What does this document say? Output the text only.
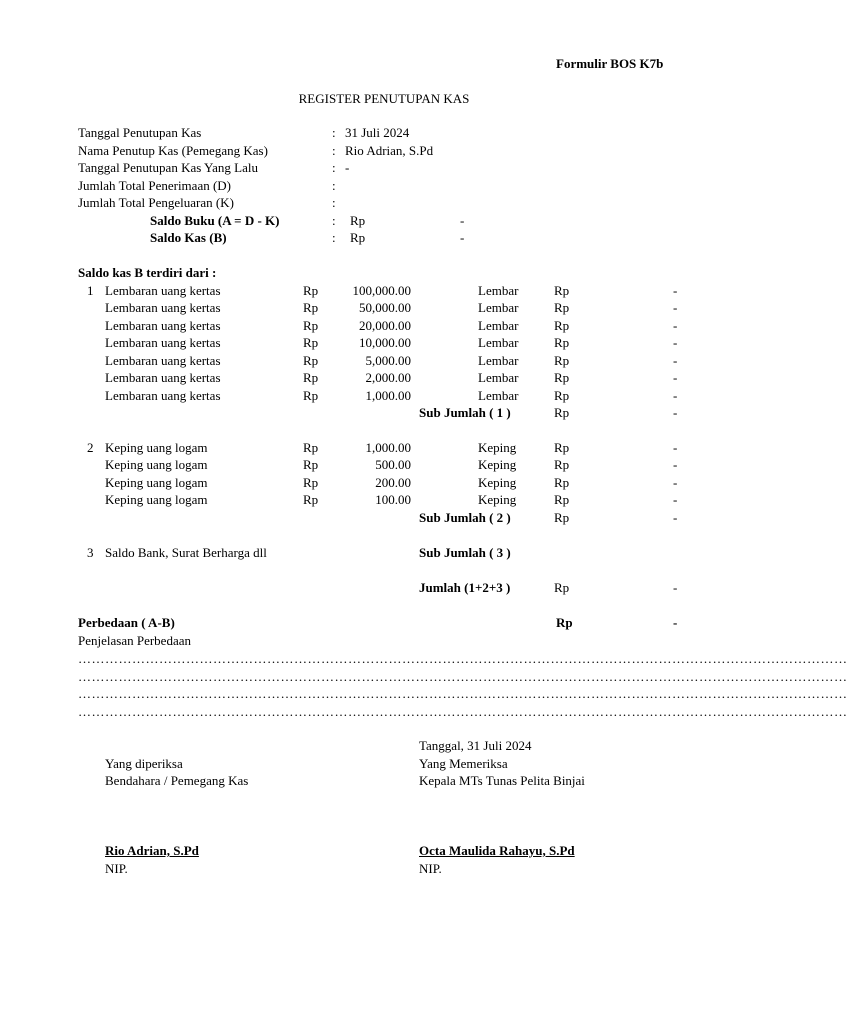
Formulir BOS K7b
REGISTER PENUTUPAN KAS
Tanggal Penutupan Kas	: 31 Juli 2024
Nama Penutup Kas (Pemegang Kas)	: Rio Adrian, S.Pd
Tanggal Penutupan Kas Yang Lalu	: -
Jumlah Total Penerimaan (D)	:
Jumlah Total Pengeluaran (K)	:
Saldo Buku (A = D - K)	: Rp	-
Saldo Kas (B)	: Rp	-
Saldo kas B terdiri dari :
1 Lembaran uang kertas	Rp	100,000.00	Lembar	Rp	-
Lembaran uang kertas	Rp	50,000.00	Lembar	Rp	-
Lembaran uang kertas	Rp	20,000.00	Lembar	Rp	-
Lembaran uang kertas	Rp	10,000.00	Lembar	Rp	-
Lembaran uang kertas	Rp	5,000.00	Lembar	Rp	-
Lembaran uang kertas	Rp	2,000.00	Lembar	Rp	-
Lembaran uang kertas	Rp	1,000.00	Lembar	Rp	-
Sub Jumlah ( 1 )	Rp	-
2 Keping uang logam	Rp	1,000.00	Keping	Rp	-
Keping uang logam	Rp	500.00	Keping	Rp	-
Keping uang logam	Rp	200.00	Keping	Rp	-
Keping uang logam	Rp	100.00	Keping	Rp	-
Sub Jumlah ( 2 )	Rp	-
3 Saldo Bank, Surat Berharga dll	Sub Jumlah ( 3 )
Jumlah (1+2+3 )	Rp	-
Perbedaan ( A-B)	Rp	-
Penjelasan Perbedaan
………………………………………………………………………………………………………………………………………………………
………………………………………………………………………………………………………………………………………………………
………………………………………………………………………………………………………………………………………………………
………………………………………………………………………………………………………………………………………………………
Tanggal, 31 Juli 2024
Yang diperiksa
Bendahara / Pemegang Kas
Rio Adrian, S.Pd
NIP.
Yang Memeriksa
Kepala MTs Tunas Pelita Binjai
Octa Maulida Rahayu, S.Pd
NIP.
